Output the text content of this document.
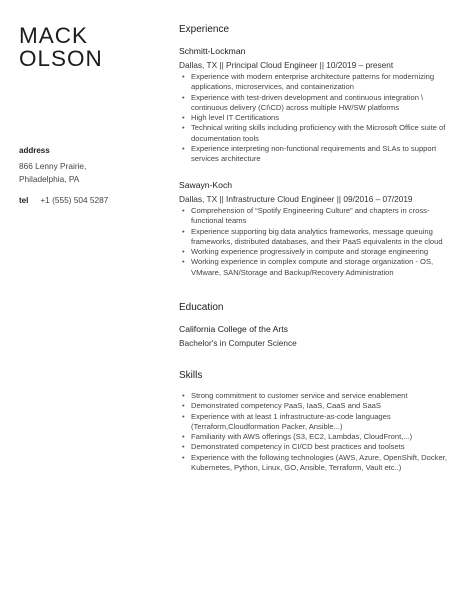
MACK
OLSON
address
866 Lenny Prairie,
Philadelphia, PA
tel +1 (555) 504 5287
Experience
Schmitt-Lockman
Dallas, TX || Principal Cloud Engineer || 10/2019 – present
• Experience with modern enterprise architecture patterns for modernizing applications, microservices, and containerization
• Experience with test-driven development and continuous integration \ continuous delivery (CI\CD) across multiple HW/SW platforms
• High level IT Certifications
• Technical writing skills including proficiency with the Microsoft Office suite of documentation tools
• Experience interpreting non-functional requirements and SLAs to support services architecture
Sawayn-Koch
Dallas, TX || Infrastructure Cloud Engineer || 09/2016 – 07/2019
• Comprehension of “Spotify Engineering Culture” and chapters in cross-functional teams
• Experience supporting big data analytics frameworks, message queuing frameworks, distributed databases, and their PaaS equivalents in the cloud
• Working experience progressively in compute and storage engineering
• Working experience in complex compute and storage organization - OS, VMware, SAN/Storage and Backup/Recovery Administration
Education
California College of the Arts
Bachelor's in Computer Science
Skills
• Strong commitment to customer service and service enablement
• Demonstrated competency PaaS, IaaS, CaaS and SaaS
• Experience with at least 1 infrastructure-as-code languages (Terraform,Cloudformation Packer, Ansible...)
• Familiarity with AWS offerings (S3, EC2, Lambdas, CloudFront,...)
• Demonstrated competency in CI/CD best practices and toolsets
• Experience with the following technologies (AWS, Azure, OpenShift, Docker, Kubernetes, Python, Linux, GO, Ansible, Terraform, Vault etc..)
